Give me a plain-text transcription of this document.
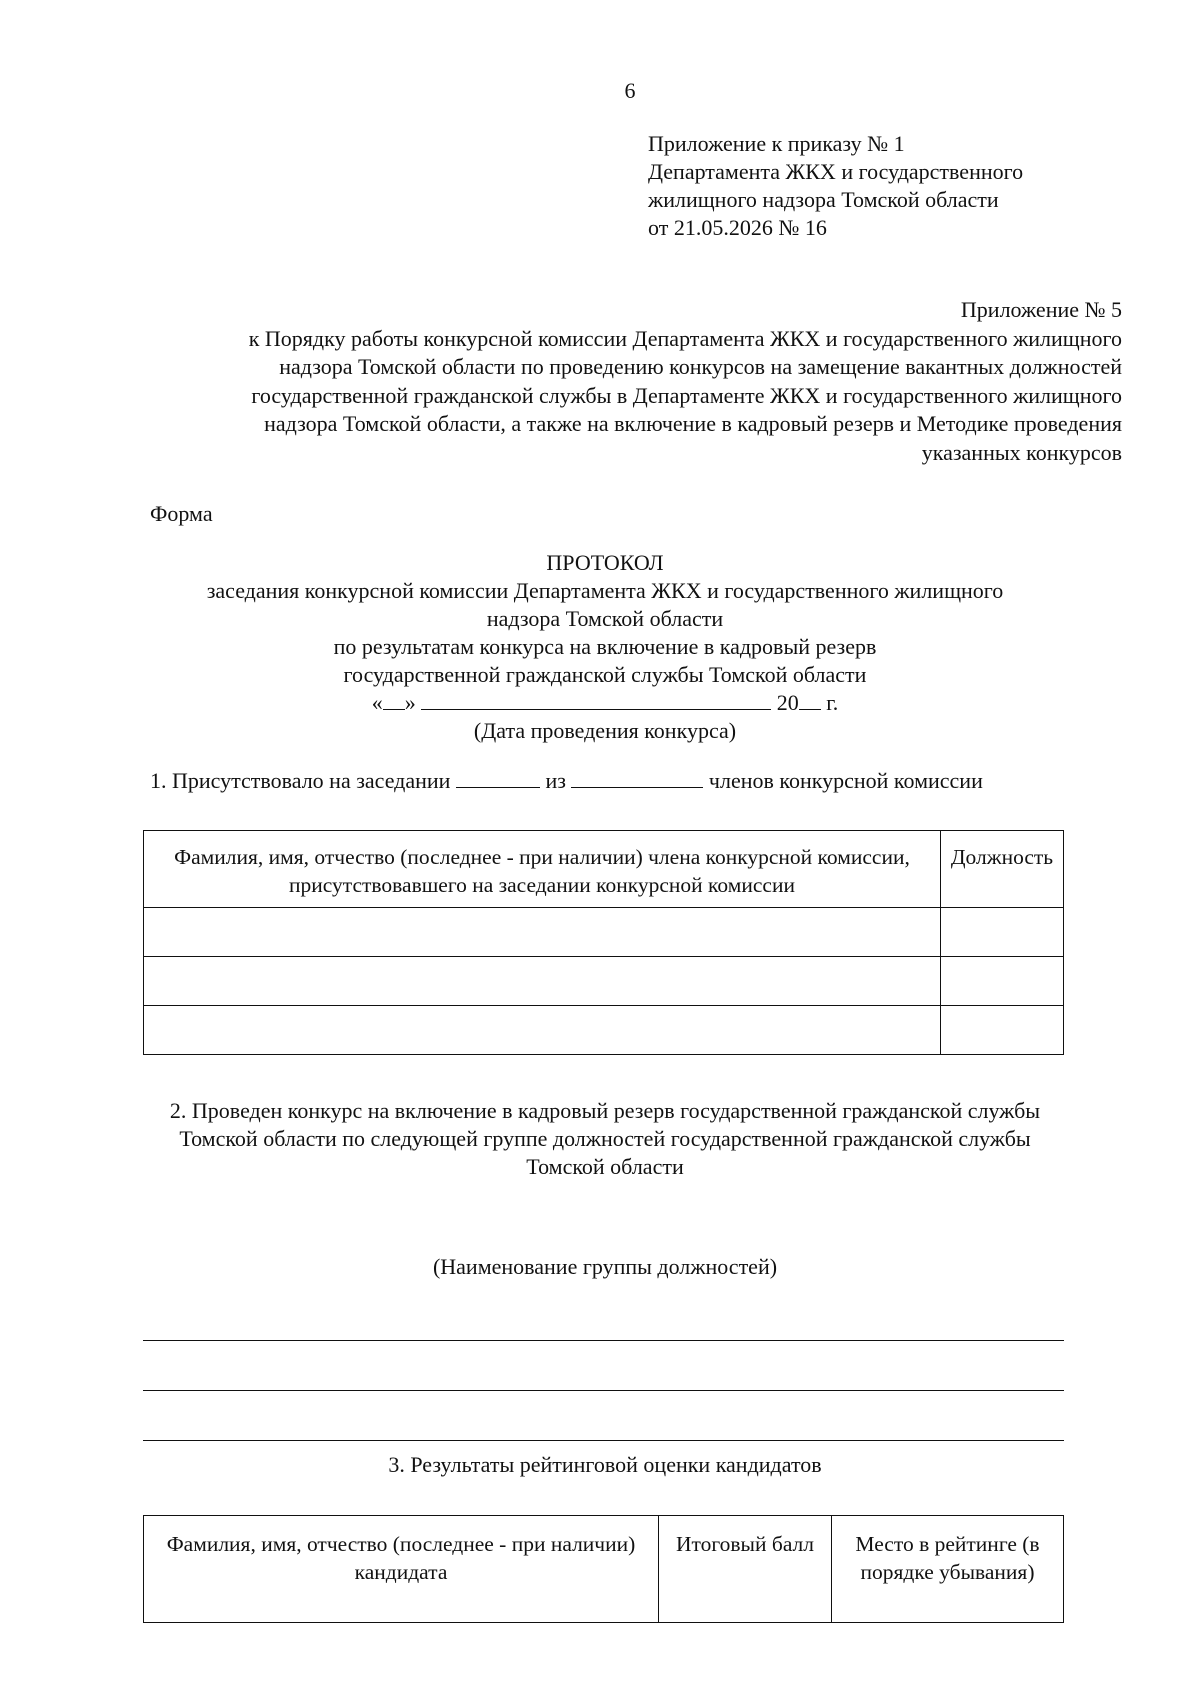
6
Приложение к приказу № 1
Департамента ЖКХ и государственного
жилищного надзора Томской области
от 21.05.2026 № 16
Приложение № 5
к Порядку работы конкурсной комиссии Департамента ЖКХ и государственного жилищного
надзора Томской области по проведению конкурсов на замещение вакантных должностей
государственной гражданской службы в Департаменте ЖКХ и государственного жилищного
надзора Томской области, а также на включение в кадровый резерв и Методике проведения
указанных конкурсов
Форма
ПРОТОКОЛ
заседания конкурсной комиссии Департамента ЖКХ и государственного жилищного
надзора Томской области
по результатам конкурса на включение в кадровый резерв
государственной гражданской службы Томской области
« »	20 г.
(Дата проведения конкурса)
1. Присутствовало на заседании	из	членов конкурсной комиссии
Фамилия, имя, отчество (последнее - при наличии) члена конкурсной комиссии, присутствовавшего на заседании конкурсной комиссии	Должность

2. Проведен конкурс на включение в кадровый резерв государственной гражданской службы Томской области по следующей группе должностей государственной гражданской службы Томской области
(Наименование группы должностей)
3. Результаты рейтинговой оценки кандидатов
Фамилия, имя, отчество (последнее - при наличии) кандидата	Итоговый балл	Место в рейтинге (в порядке убывания)
